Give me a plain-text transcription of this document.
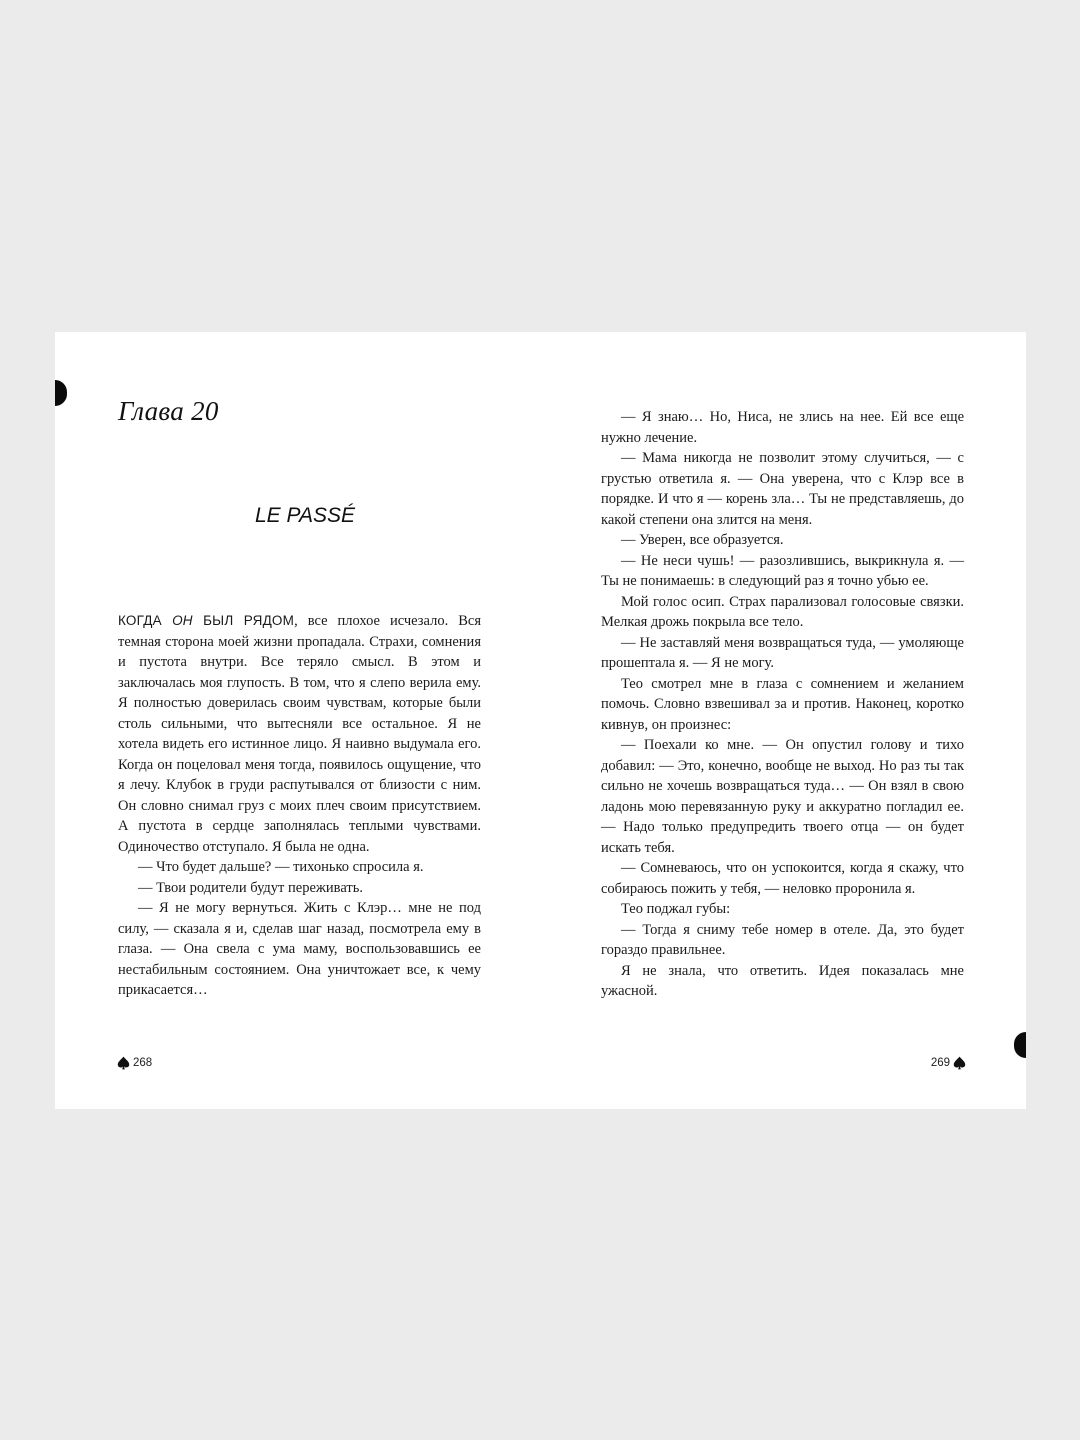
Глава 20
LE PASSÉ

КОГДА ОН БЫЛ РЯДОМ, все плохое исчезало. Вся темная сторона моей жизни пропадала. Страхи, сомнения и пустота внутри. Все теряло смысл. В этом и заключалась моя глупость. В том, что я слепо верила ему. Я полностью доверилась своим чувствам, которые были столь сильными, что вытесняли все остальное. Я не хотела видеть его истинное лицо. Я наивно выдумала его. Когда он поцеловал меня тогда, появилось ощущение, что я лечу. Клубок в груди распутывался от близости с ним. Он словно снимал груз с моих плеч своим присутствием. А пустота в сердце заполнялась теплыми чувствами. Одиночество отступало. Я была не одна.

— Что будет дальше? — тихонько спросила я.

— Твои родители будут переживать.

— Я не могу вернуться. Жить с Клэр… мне не под силу, — сказала я и, сделав шаг назад, посмотрела ему в глаза. — Она свела с ума маму, воспользовавшись ее нестабильным состоянием. Она уничтожает все, к чему прикасается…

— Я знаю… Но, Ниса, не злись на нее. Ей все еще нужно лечение.

— Мама никогда не позволит этому случиться, — с грустью ответила я. — Она уверена, что с Клэр все в порядке. И что я — корень зла… Ты не представляешь, до какой степени она злится на меня.

— Уверен, все образуется.

— Не неси чушь! — разозлившись, выкрикнула я. — Ты не понимаешь: в следующий раз я точно убью ее.

Мой голос осип. Страх парализовал голосовые связки. Мелкая дрожь покрыла все тело.

— Не заставляй меня возвращаться туда, — умоляюще прошептала я. — Я не могу.

Тео смотрел мне в глаза с сомнением и желанием помочь. Словно взвешивал за и против. Наконец, коротко кивнув, он произнес:

— Поехали ко мне. — Он опустил голову и тихо добавил: — Это, конечно, вообще не выход. Но раз ты так сильно не хочешь возвращаться туда… — Он взял в свою ладонь мою перевязанную руку и аккуратно погладил ее. — Надо только предупредить твоего отца — он будет искать тебя.

— Сомневаюсь, что он успокоится, когда я скажу, что собираюсь пожить у тебя, — неловко проронила я.

Тео поджал губы:

— Тогда я сниму тебе номер в отеле. Да, это будет гораздо правильнее.

Я не знала, что ответить. Идея показалась мне ужасной.

268	269
